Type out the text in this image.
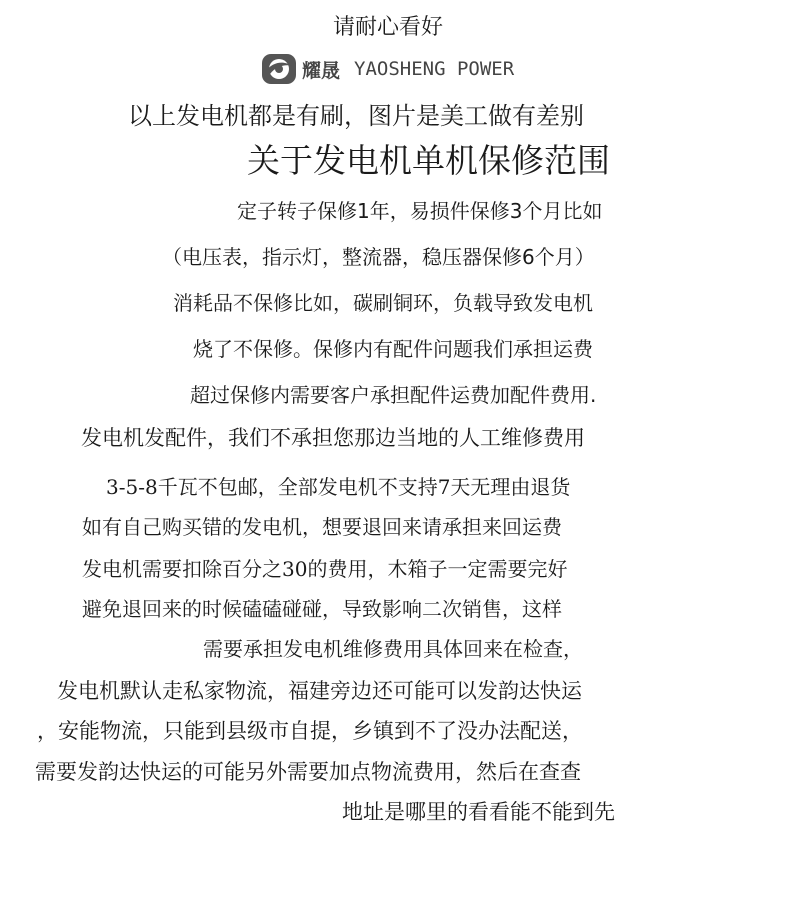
请耐心看好
耀晟 YAOSHENG POWER
以上发电机都是有刷，图片是美工做有差别
关于发电机单机保修范围
定子转子保修1年，易损件保修3个月比如
（电压表，指示灯，整流器，稳压器保修6个月）
消耗品不保修比如，碳刷铜环，负载导致发电机
烧了不保修。保修内有配件问题我们承担运费
超过保修内需要客户承担配件运费加配件费用.
发电机发配件，我们不承担您那边当地的人工维修费用
3-5-8千瓦不包邮，全部发电机不支持7天无理由退货
如有自己购买错的发电机，想要退回来请承担来回运费
发电机需要扣除百分之30的费用，木箱子一定需要完好
避免退回来的时候磕磕碰碰，导致影响二次销售，这样
需要承担发电机维修费用具体回来在检查，
发电机默认走私家物流，福建旁边还可能可以发韵达快运
，安能物流，只能到县级市自提，乡镇到不了没办法配送，
需要发韵达快运的可能另外需要加点物流费用，然后在查查
地址是哪里的看看能不能到先
